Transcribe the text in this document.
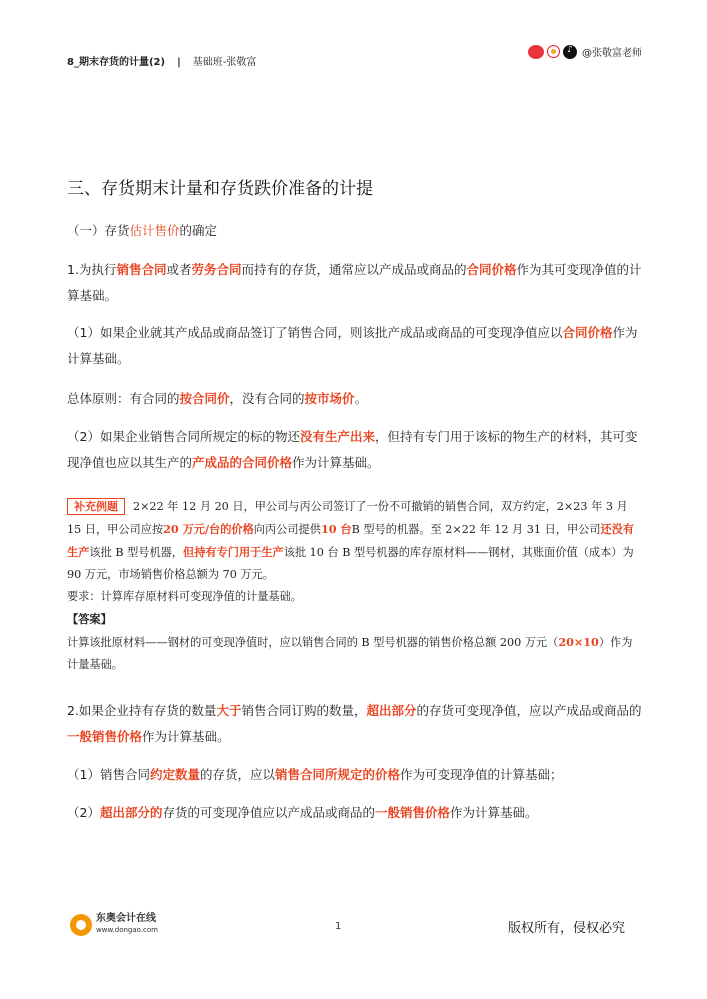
8_期末存货的计量(2) | 基础班-张敬富
♪
@张敬富老师
三、存货期末计量和存货跌价准备的计提
（一）存货估计售价的确定
1.为执行销售合同或者劳务合同而持有的存货，通常应以产成品或商品的合同价格作为其可变现净值的计算基础。
（1）如果企业就其产成品或商品签订了销售合同，则该批产成品或商品的可变现净值应以合同价格作为计算基础。
总体原则：有合同的按合同价，没有合同的按市场价。
（2）如果企业销售合同所规定的标的物还没有生产出来，但持有专门用于该标的物生产的材料，其可变现净值也应以其生产的产成品的合同价格作为计算基础。
补充例题 2×22 年 12 月 20 日，甲公司与丙公司签订了一份不可撤销的销售合同，双方约定，2×23 年 3 月 15 日，甲公司应按20 万元/台的价格向丙公司提供10 台B 型号的机器。至 2×22 年 12 月 31 日，甲公司还没有生产该批 B 型号机器，但持有专门用于生产该批 10 台 B 型号机器的库存原材料——钢材，其账面价值（成本）为 90 万元，市场销售价格总额为 70 万元。
要求：计算库存原材料可变现净值的计量基础。
【答案】
计算该批原材料——钢材的可变现净值时，应以销售合同的 B 型号机器的销售价格总额 200 万元（20×10）作为计量基础。
2.如果企业持有存货的数量大于销售合同订购的数量，超出部分的存货可变现净值，应以产成品或商品的一般销售价格作为计算基础。
（1）销售合同约定数量的存货，应以销售合同所规定的价格作为可变现净值的计算基础；
（2）超出部分的存货的可变现净值应以产成品或商品的一般销售价格作为计算基础。
东奥会计在线
www.dongao.com	1	版权所有，侵权必究
